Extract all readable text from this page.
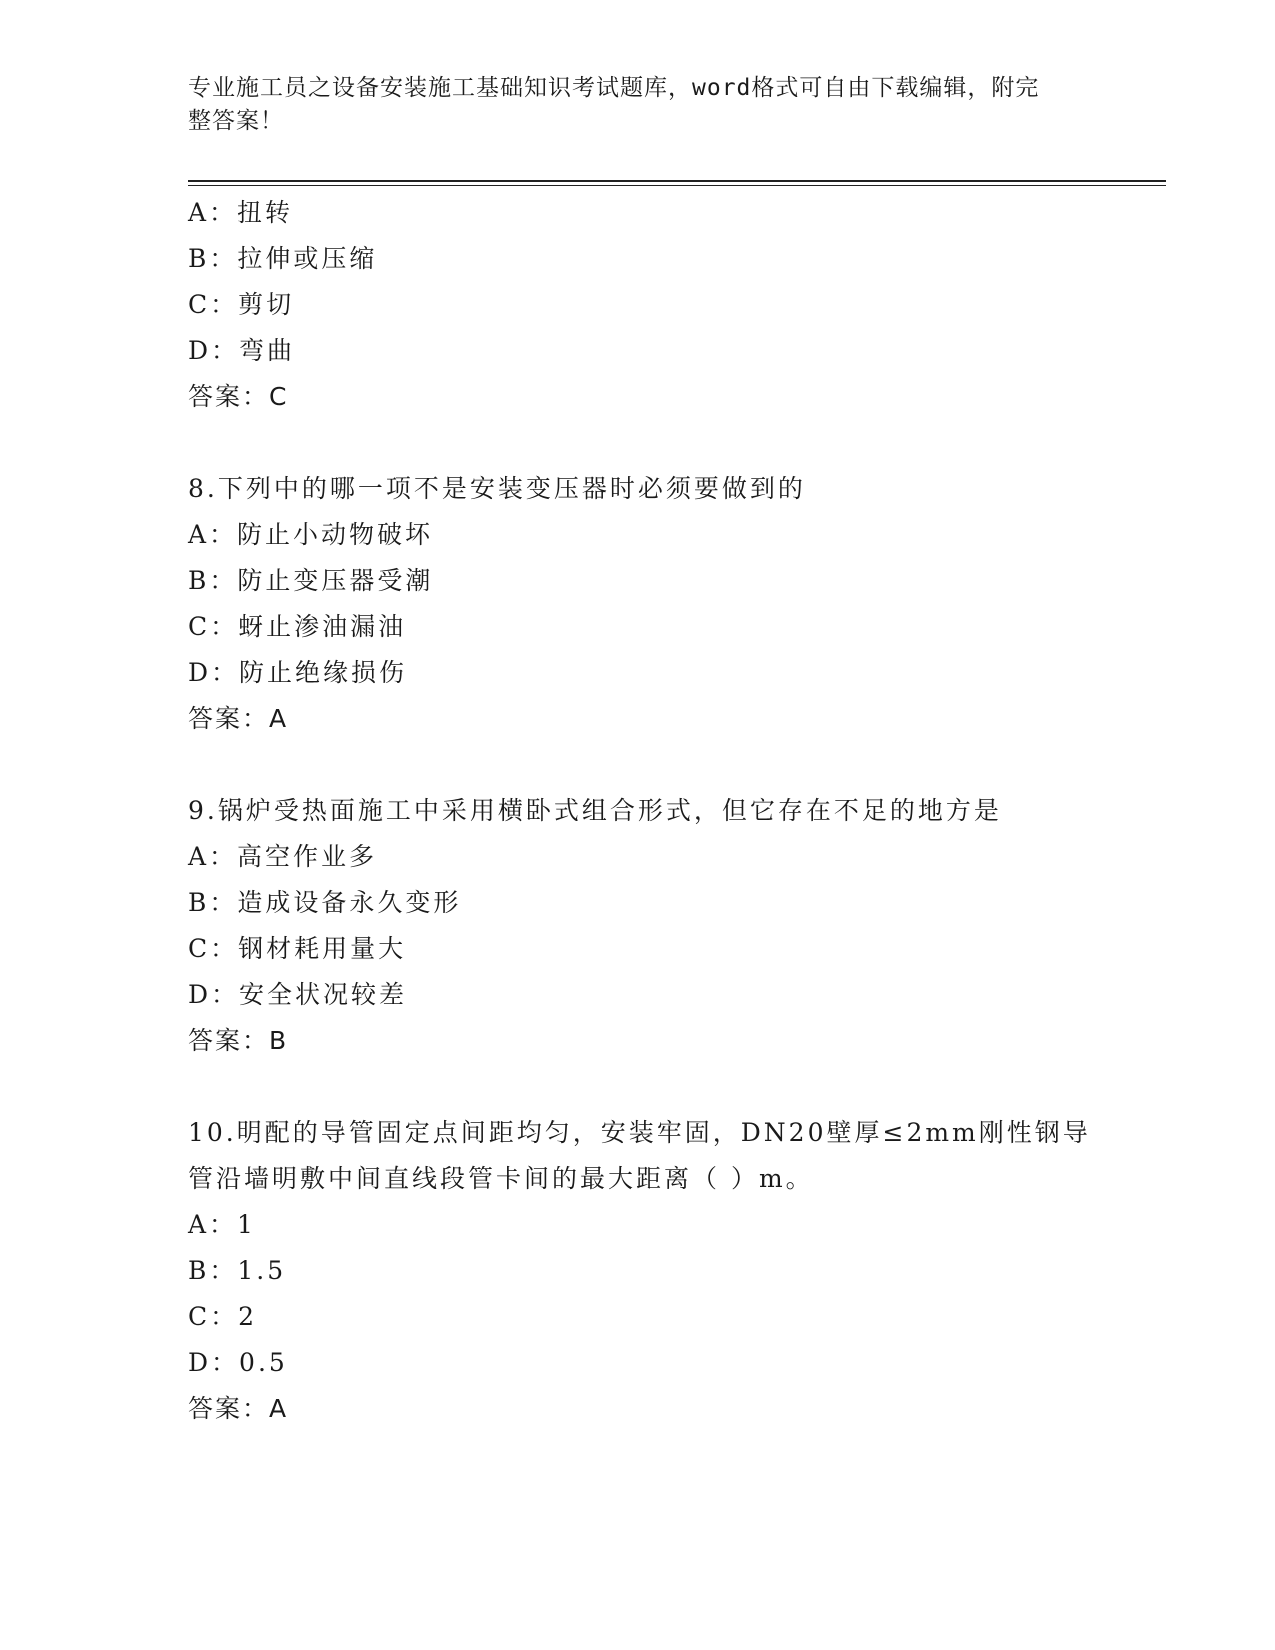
专业施工员之设备安装施工基础知识考试题库，word格式可自由下载编辑，附完
整答案！
A：扭转
B：拉伸或压缩
C：剪切
D：弯曲
答案：C
8.下列中的哪一项不是安装变压器时必须要做到的
A：防止小动物破坏
B：防止变压器受潮
C：蚜止渗油漏油
D：防止绝缘损伤
答案：A
9.锅炉受热面施工中采用横卧式组合形式，但它存在不足的地方是
A：高空作业多
B：造成设备永久变形
C：钢材耗用量大
D：安全状况较差
答案：B
10.明配的导管固定点间距均匀，安装牢固，DN20壁厚≤2mm刚性钢导
管沿墙明敷中间直线段管卡间的最大距离（ ）m。
A：1
B：1.5
C：2
D：0.5
答案：A
